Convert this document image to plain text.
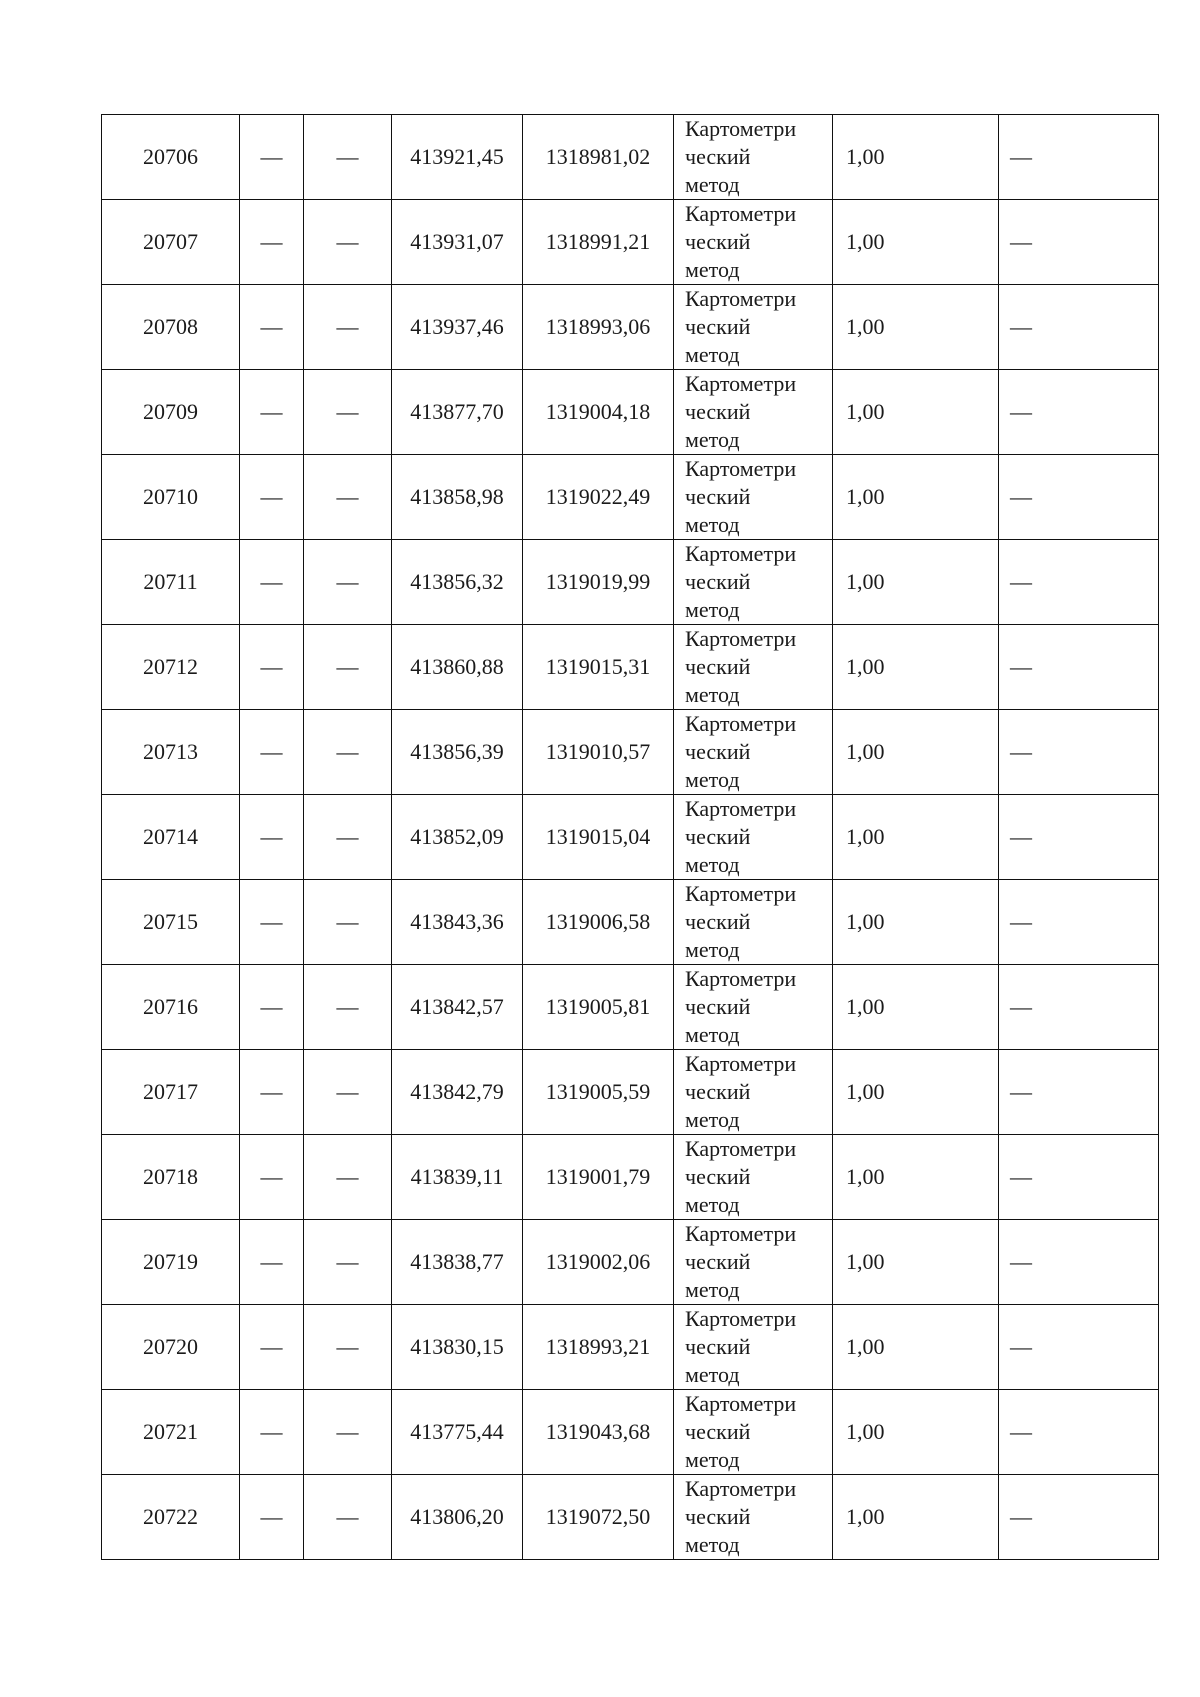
20706	—	—	413921,45	1318981,02	Картометри
ческий
метод	1,00	—
20707	—	—	413931,07	1318991,21	Картометри
ческий
метод	1,00	—
20708	—	—	413937,46	1318993,06	Картометри
ческий
метод	1,00	—
20709	—	—	413877,70	1319004,18	Картометри
ческий
метод	1,00	—
20710	—	—	413858,98	1319022,49	Картометри
ческий
метод	1,00	—
20711	—	—	413856,32	1319019,99	Картометри
ческий
метод	1,00	—
20712	—	—	413860,88	1319015,31	Картометри
ческий
метод	1,00	—
20713	—	—	413856,39	1319010,57	Картометри
ческий
метод	1,00	—
20714	—	—	413852,09	1319015,04	Картометри
ческий
метод	1,00	—
20715	—	—	413843,36	1319006,58	Картометри
ческий
метод	1,00	—
20716	—	—	413842,57	1319005,81	Картометри
ческий
метод	1,00	—
20717	—	—	413842,79	1319005,59	Картометри
ческий
метод	1,00	—
20718	—	—	413839,11	1319001,79	Картометри
ческий
метод	1,00	—
20719	—	—	413838,77	1319002,06	Картометри
ческий
метод	1,00	—
20720	—	—	413830,15	1318993,21	Картометри
ческий
метод	1,00	—
20721	—	—	413775,44	1319043,68	Картометри
ческий
метод	1,00	—
20722	—	—	413806,20	1319072,50	Картометри
ческий
метод	1,00	—
